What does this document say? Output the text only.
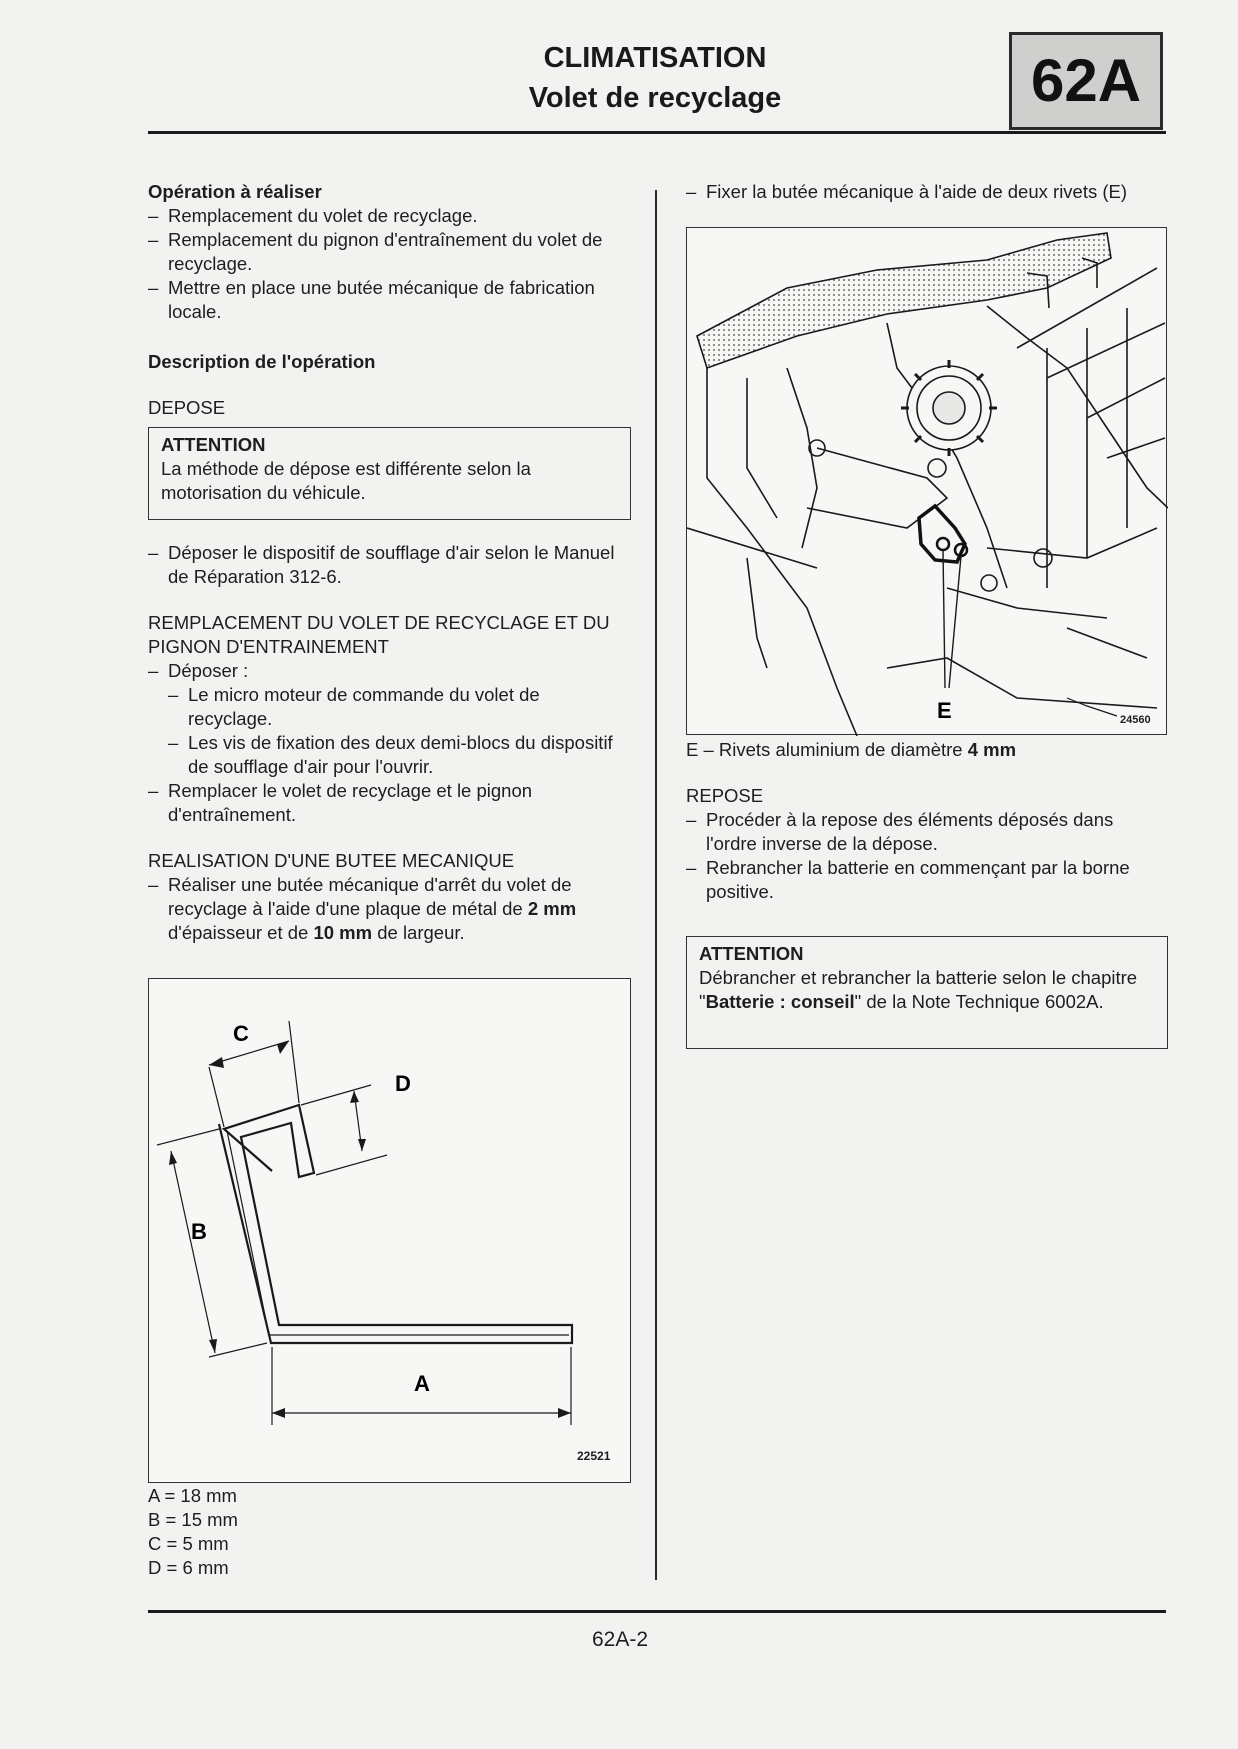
CLIMATISATION
Volet de recyclage	62A

Opération à réaliser

– Remplacement du volet de recyclage.

– Remplacement du pignon d'entraînement du volet de recyclage.

– Mettre en place une butée mécanique de fabrication locale.

Description de l'opération

DEPOSE

ATTENTION
La méthode de dépose est différente selon la motorisation du véhicule.

– Déposer le dispositif de soufflage d'air selon le Manuel de Réparation 312-6.

REMPLACEMENT DU VOLET DE RECYCLAGE ET DU PIGNON D'ENTRAINEMENT

– Déposer :

– Le micro moteur de commande du volet de recyclage.

– Les vis de fixation des deux demi-blocs du dispositif de soufflage d'air pour l'ouvrir.

– Remplacer le volet de recyclage et le pignon d'entraînement.

REALISATION D'UNE BUTEE MECANIQUE

– Réaliser une butée mécanique d'arrêt du volet de recyclage à l'aide d'une plaque de métal de 2 mm d'épaisseur et de 10 mm de largeur.

C
D
B
A
22521

A = 18 mm

B = 15 mm

C = 5 mm

D = 6 mm

– Fixer la butée mécanique à l'aide de deux rivets (E)

E	24560

E – Rivets aluminium de diamètre 4 mm

REPOSE

– Procéder à la repose des éléments déposés dans l'ordre inverse de la dépose.

– Rebrancher la batterie en commençant par la borne positive.

ATTENTION
Débrancher et rebrancher la batterie selon le chapitre "Batterie : conseil" de la Note Technique 6002A.
62A-2
